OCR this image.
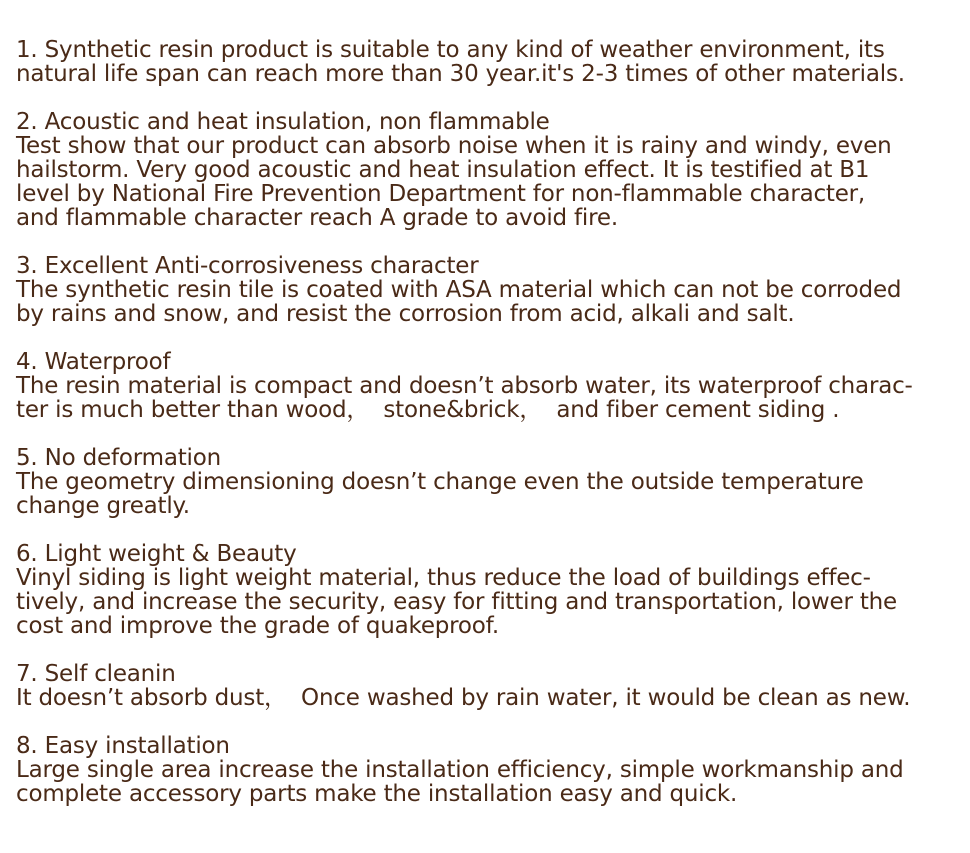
1. Synthetic resin product is suitable to any kind of weather environment, its
natural life span can reach more than 30 year.it's 2-3 times of other materials.
2. Acoustic and heat insulation, non flammable
Test show that our product can absorb noise when it is rainy and windy, even
hailstorm. Very good acoustic and heat insulation effect. It is testified at B1
level by National Fire Prevention Department for non-flammable character,
and flammable character reach A grade to avoid fire.
3. Excellent Anti-corrosiveness character
The synthetic resin tile is coated with ASA material which can not be corroded
by rains and snow, and resist the corrosion from acid, alkali and salt.
4. Waterproof
The resin material is compact and doesn’t absorb water, its waterproof charac-
ter is much better than wood，  stone&brick，  and fiber cement siding .
5. No deformation
The geometry dimensioning doesn’t change even the outside temperature
change greatly.
6. Light weight & Beauty
Vinyl siding is light weight material, thus reduce the load of buildings effec-
tively, and increase the security, easy for fitting and transportation, lower the
cost and improve the grade of quakeproof.
7. Self cleanin
It doesn’t absorb dust，  Once washed by rain water, it would be clean as new.
8. Easy installation
Large single area increase the installation efficiency, simple workmanship and
complete accessory parts make the installation easy and quick.
